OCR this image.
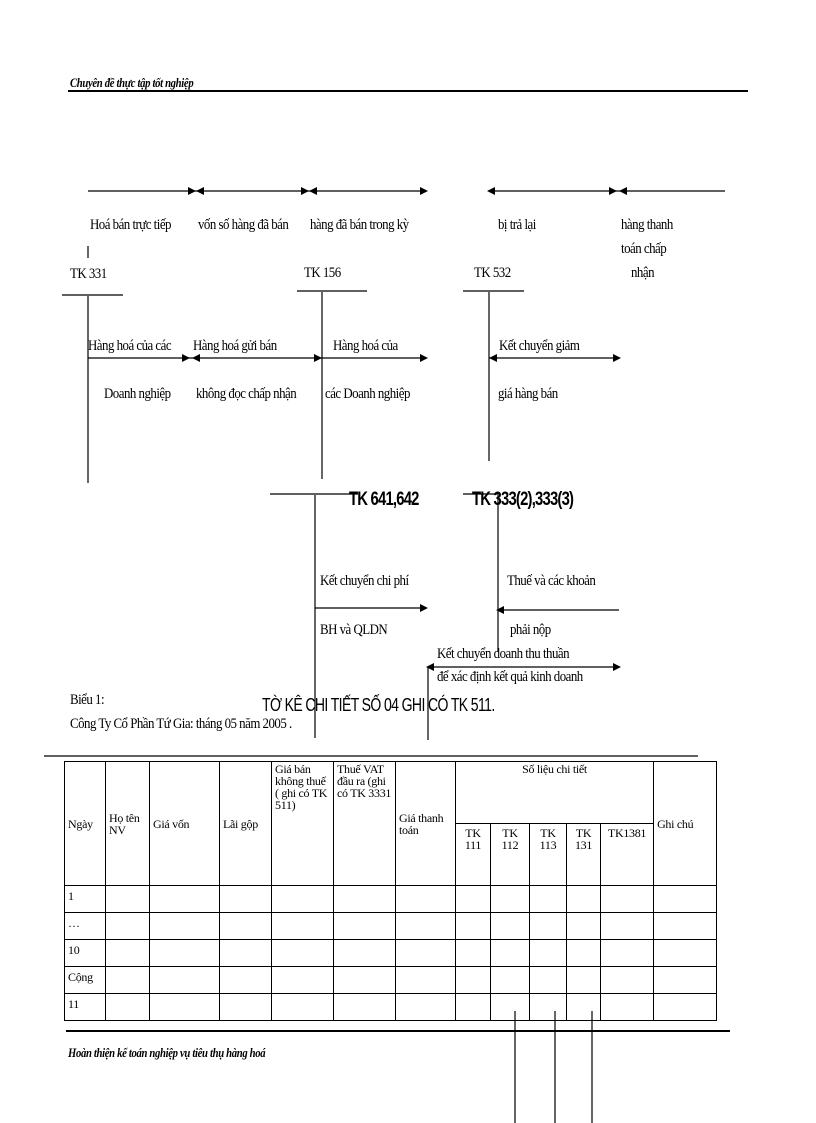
Chuyên đề thực tập tốt nghiệp
Hoá bán trực tiếp vốn số hàng đã bán hàng đã bán trong kỳ	bị trả lại	hàng thanh
toán chấp
nhận
TK 331	TK 156	TK 532
Hàng hoá của các
Doanh nghiệp
Hàng hoá gửi bán
không đọc chấp nhận
Hàng hoá của
các Doanh nghiệp
Kết chuyển giảm
giá hàng bán
TK 641,642	TK 333(2),333(3)
Kết chuyển chi phí
BH và QLDN
Thuế và các khoản
phải nộp
Kết chuyển doanh thu thuần
để xác định kết quả kinh doanh
Biểu 1:	TỜ KÊ CHI TIẾT SỐ 04 GHI CÓ TK 511.
Công Ty Cổ Phần Tứ Gia: tháng 05 năm 2005 .
Ngày	Họ tên NV	Giá vốn	Lãi gộp	Giá bán không thuế ( ghi có TK 511)	Thuế VAT đầu ra (ghi có TK 3331	Giá thanh toán	Số liệu chi tiết					Ghi chú
							TK 111	TK 112	TK 113	TK 131	TK1381	
1												
…												
10												
Cộng												
11												
Hoàn thiện kế toán nghiệp vụ tiêu thụ hàng hoá
